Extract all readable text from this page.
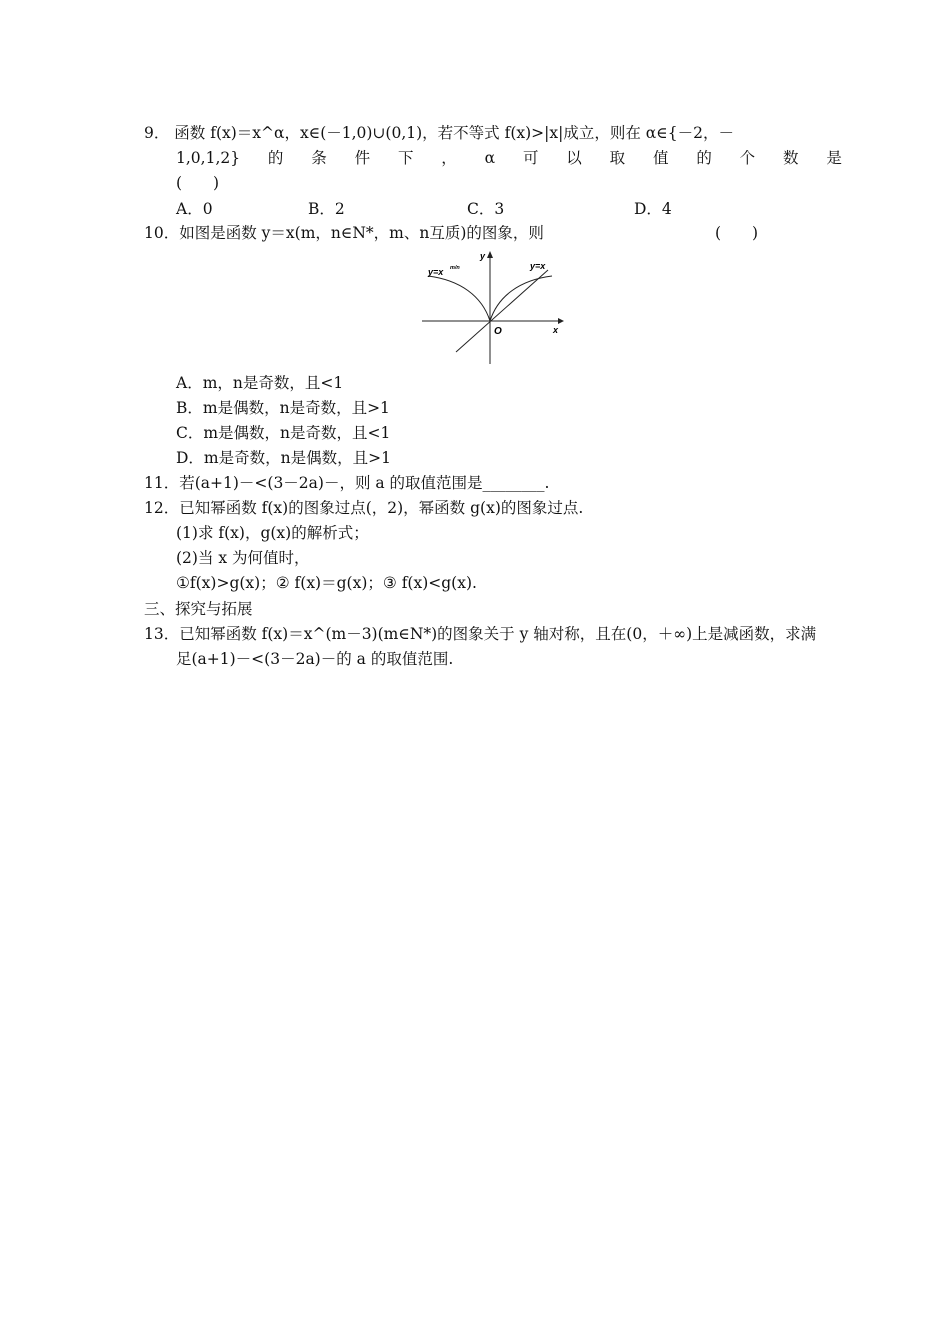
9． 函数 f(x)＝x^α，x∈(－1,0)∪(0,1)，若不等式 f(x)>|x|成立，则在 α∈{－2，－
1,0,1,2} 的 条 件 下 ， α 可 以 取 值 的 个 数 是
(　　)
A．0	B．2	C．3	D．4
10．如图是函数 y＝x(m，n∈N*，m、n互质)的图象，则	(　　)
y=x m/n	y=x
y
x
O
A．m，n是奇数，且<1
B．m是偶数，n是奇数，且>1
C．m是偶数，n是奇数，且<1
D．m是奇数，n是偶数，且>1
11．若(a+1)－<(3－2a)－，则 a 的取值范围是________.
12．已知幂函数 f(x)的图象过点(，2)，幂函数 g(x)的图象过点.
(1)求 f(x)，g(x)的解析式；
(2)当 x 为何值时，
①f(x)>g(x)；② f(x)＝g(x)；③ f(x)<g(x).
三、探究与拓展
13．已知幂函数 f(x)＝x^(m－3)(m∈N*)的图象关于 y 轴对称，且在(0，＋∞)上是减函数，求满
足(a+1)－<(3－2a)－的 a 的取值范围.
